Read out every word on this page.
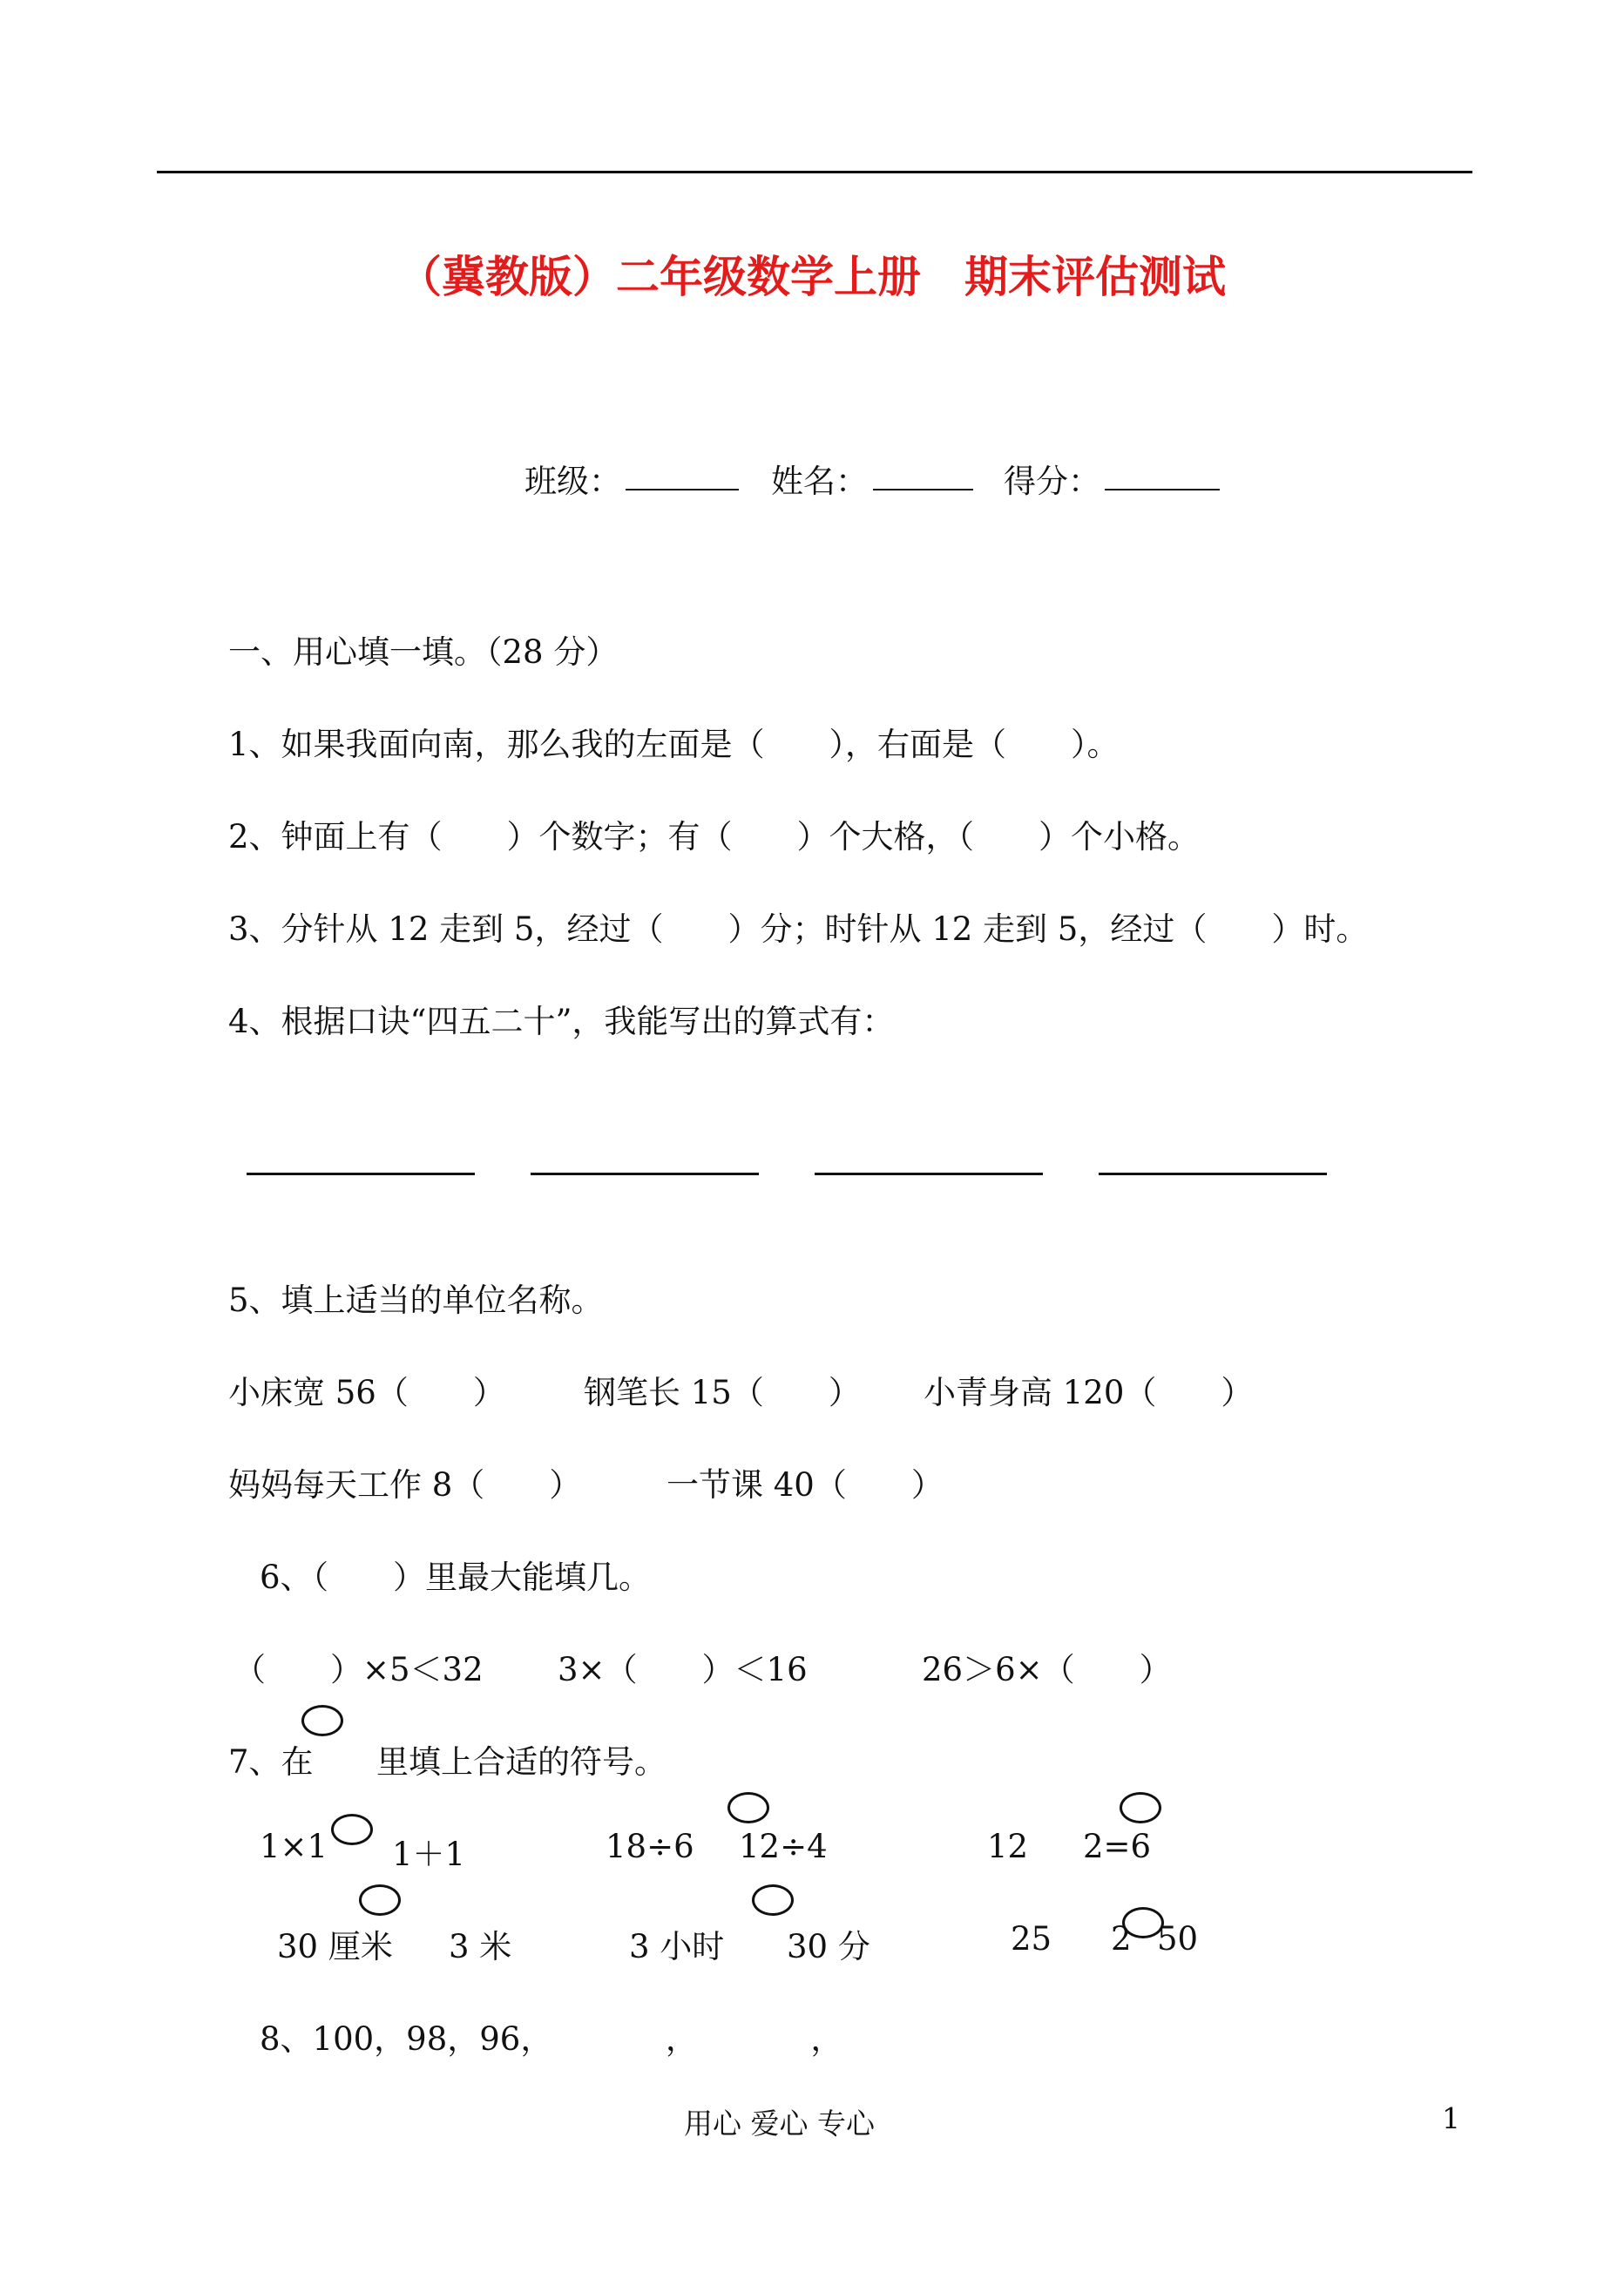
（冀教版）二年级数学上册　期末评估测试
班级：	姓名：	得分：
一、用心填一填。（28 分）
1、如果我面向南，那么我的左面是（　　），右面是（　　）。
2、钟面上有（　　）个数字；有（　　）个大格，（　　）个小格。
3、分针从 12 走到 5，经过（　　）分；时针从 12 走到 5，经过（　　）时。
4、根据口诀“四五二十”，我能写出的算式有：
5、填上适当的单位名称。
小床宽 56（　　） 钢笔长 15（　　） 小青身高 120（　　）
妈妈每天工作 8（　　）	一节课 40（　　）
6、（　　）里最大能填几。
（　　）×5＜32 3×（　　）＜16	26＞6×（　　）
7、在 里填上合适的符号。
1×1 1＋1	18÷6 12÷4	12 2=6
30 厘米 3 米	3 小时 30 分	25 2 50
8、100，98，96，　　　　，　　　　，
用心 爱心 专心	1
